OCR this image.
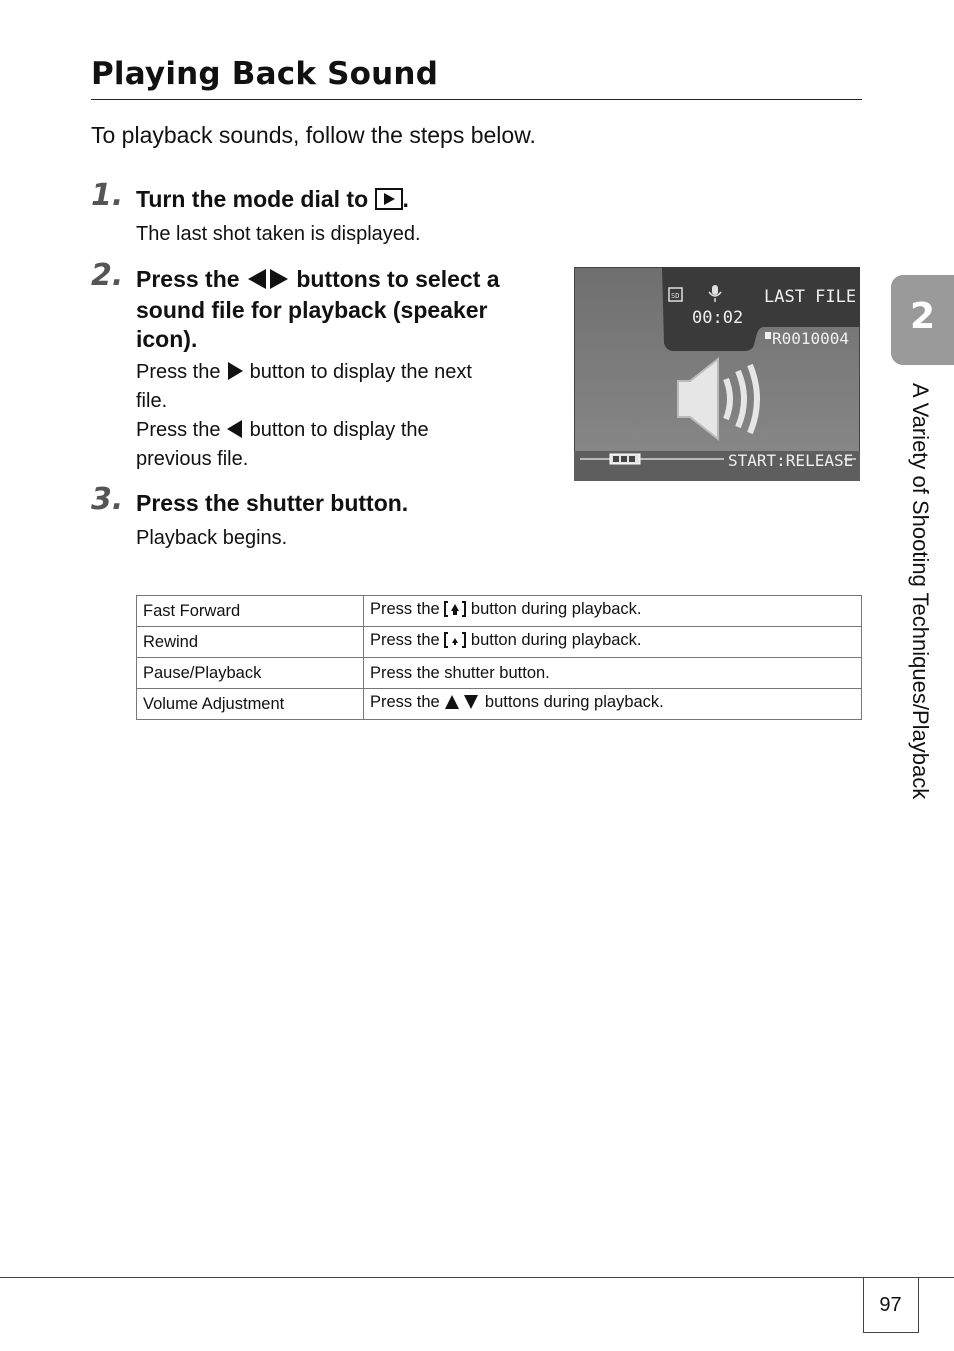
Playing Back Sound
To playback sounds, follow the steps below.
1. Turn the mode dial to .
The last shot taken is displayed.
2. Press the buttons to select a
sound file for playback (speaker
icon).
Press the button to display the next
file.
Press the button to display the
previous file.
SD
00:02
LAST FILE
R0010004
START:RELEASE
3. Press the shutter button.
Playback begins.
Fast Forward	Press the button during playback.
Rewind	Press the button during playback.
Pause/Playback	Press the shutter button.
Volume Adjustment	Press the buttons during playback.
2
A Variety of Shooting Techniques/Playback
97
